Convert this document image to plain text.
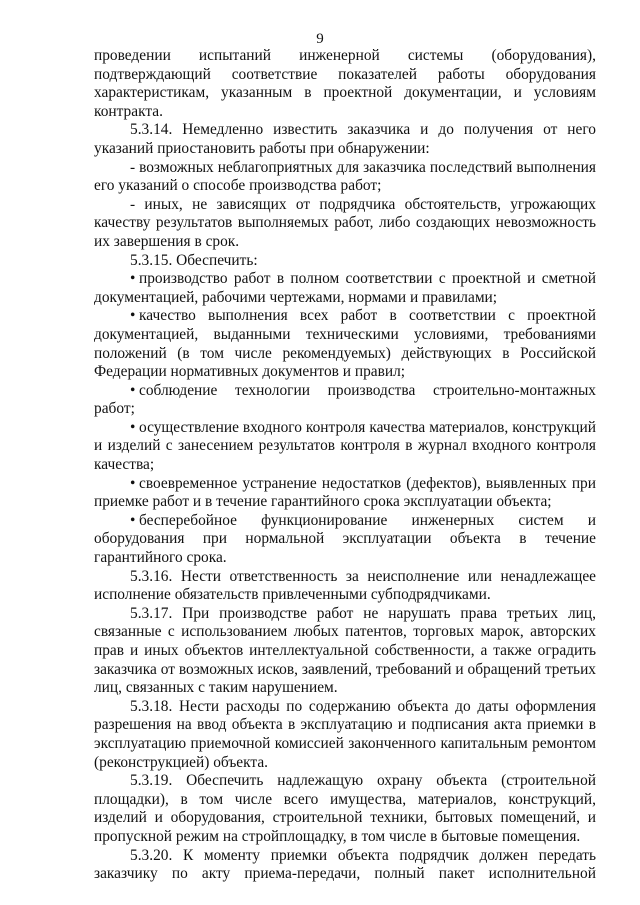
9

проведении испытаний инженерной системы (оборудования), подтверждающий соответствие показателей работы оборудования характеристикам, указанным в проектной документации, и условиям контракта.

5.3.14. Немедленно известить заказчика и до получения от него указаний приостановить работы при обнаружении:

- возможных неблагоприятных для заказчика последствий выполнения его указаний о способе производства работ;

- иных, не зависящих от подрядчика обстоятельств, угрожающих качеству результатов выполняемых работ, либо создающих невозможность их завершения в срок.

5.3.15. Обеспечить:

• производство работ в полном соответствии с проектной и сметной документацией, рабочими чертежами, нормами и правилами;

• качество выполнения всех работ в соответствии с проектной документацией, выданными техническими условиями, требованиями положений (в том числе рекомендуемых) действующих в Российской Федерации нормативных документов и правил;

• соблюдение технологии производства строительно-монтажных работ;

• осуществление входного контроля качества материалов, конструкций и изделий с занесением результатов контроля в журнал входного контроля качества;

• своевременное устранение недостатков (дефектов), выявленных при приемке работ и в течение гарантийного срока эксплуатации объекта;

• бесперебойное функционирование инженерных систем и оборудования при нормальной эксплуатации объекта в течение гарантийного срока.

5.3.16. Нести ответственность за неисполнение или ненадлежащее исполнение обязательств привлеченными субподрядчиками.

5.3.17. При производстве работ не нарушать права третьих лиц, связанные с использованием любых патентов, торговых марок, авторских прав и иных объектов интеллектуальной собственности, а также оградить заказчика от возможных исков, заявлений, требований и обращений третьих лиц, связанных с таким нарушением.

5.3.18. Нести расходы по содержанию объекта до даты оформления разрешения на ввод объекта в эксплуатацию и подписания акта приемки в эксплуатацию приемочной комиссией законченного капитальным ремонтом (реконструкцией) объекта.

5.3.19. Обеспечить надлежащую охрану объекта (строительной площадки), в том числе всего имущества, материалов, конструкций, изделий и оборудования, строительной техники, бытовых помещений, и пропускной режим на стройплощадку, в том числе в бытовые помещения.

5.3.20. К моменту приемки объекта подрядчик должен передать заказчику по акту приема-передачи, полный пакет исполнительной
